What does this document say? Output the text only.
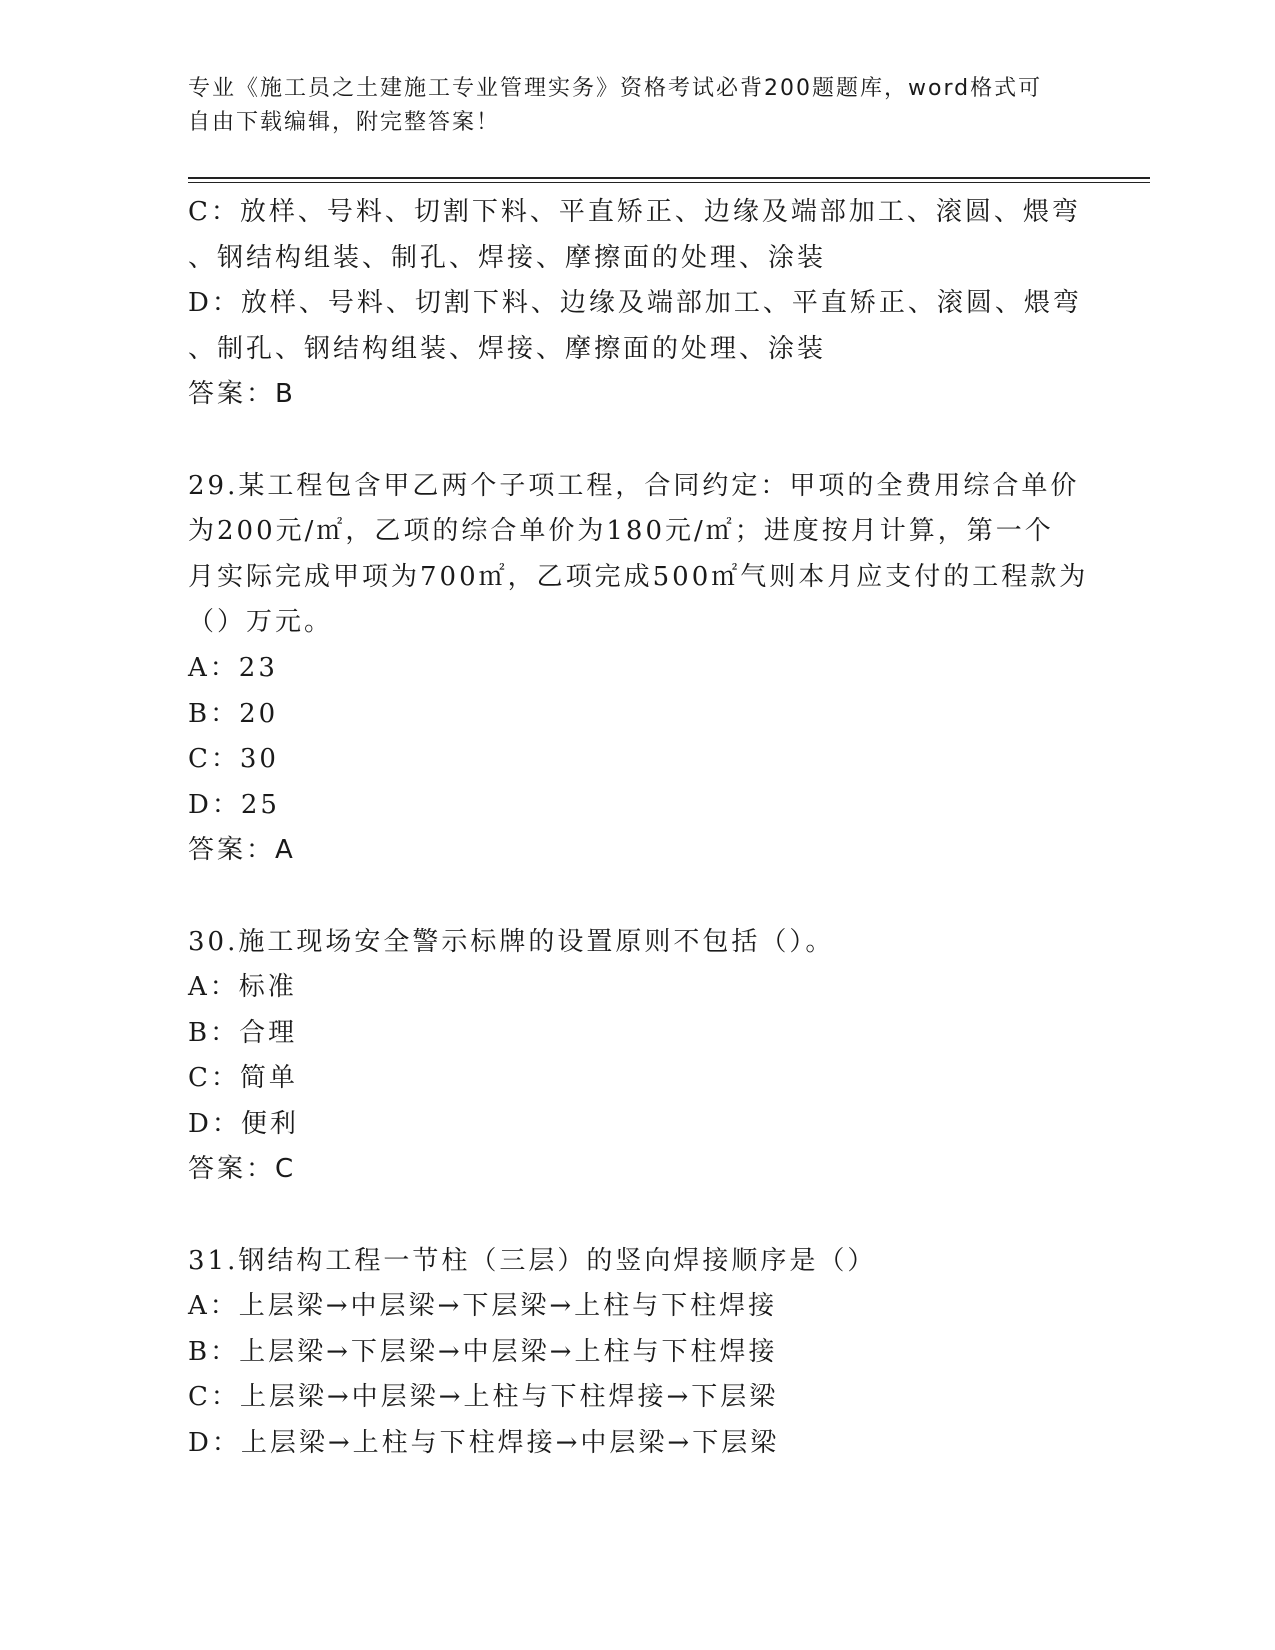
专业《施工员之土建施工专业管理实务》资格考试必背200题题库，word格式可
自由下载编辑，附完整答案！
C：放样、号料、切割下料、平直矫正、边缘及端部加工、滚圆、煨弯
、钢结构组装、制孔、焊接、摩擦面的处理、涂装
D：放样、号料、切割下料、边缘及端部加工、平直矫正、滚圆、煨弯
、制孔、钢结构组装、焊接、摩擦面的处理、涂装
答案：B
29.某工程包含甲乙两个子项工程，合同约定：甲项的全费用综合单价
为200元/㎡，乙项的综合单价为180元/㎡；进度按月计算，第一个
月实际完成甲项为700㎡，乙项完成500㎡气则本月应支付的工程款为
（）万元。
A：23
B：20
C：30
D：25
答案：A
30.施工现场安全警示标牌的设置原则不包括（）。
A：标准
B：合理
C：简单
D：便利
答案：C
31.钢结构工程一节柱（三层）的竖向焊接顺序是（）
A：上层梁→中层梁→下层梁→上柱与下柱焊接
B：上层梁→下层梁→中层梁→上柱与下柱焊接
C：上层梁→中层梁→上柱与下柱焊接→下层梁
D：上层梁→上柱与下柱焊接→中层梁→下层梁
